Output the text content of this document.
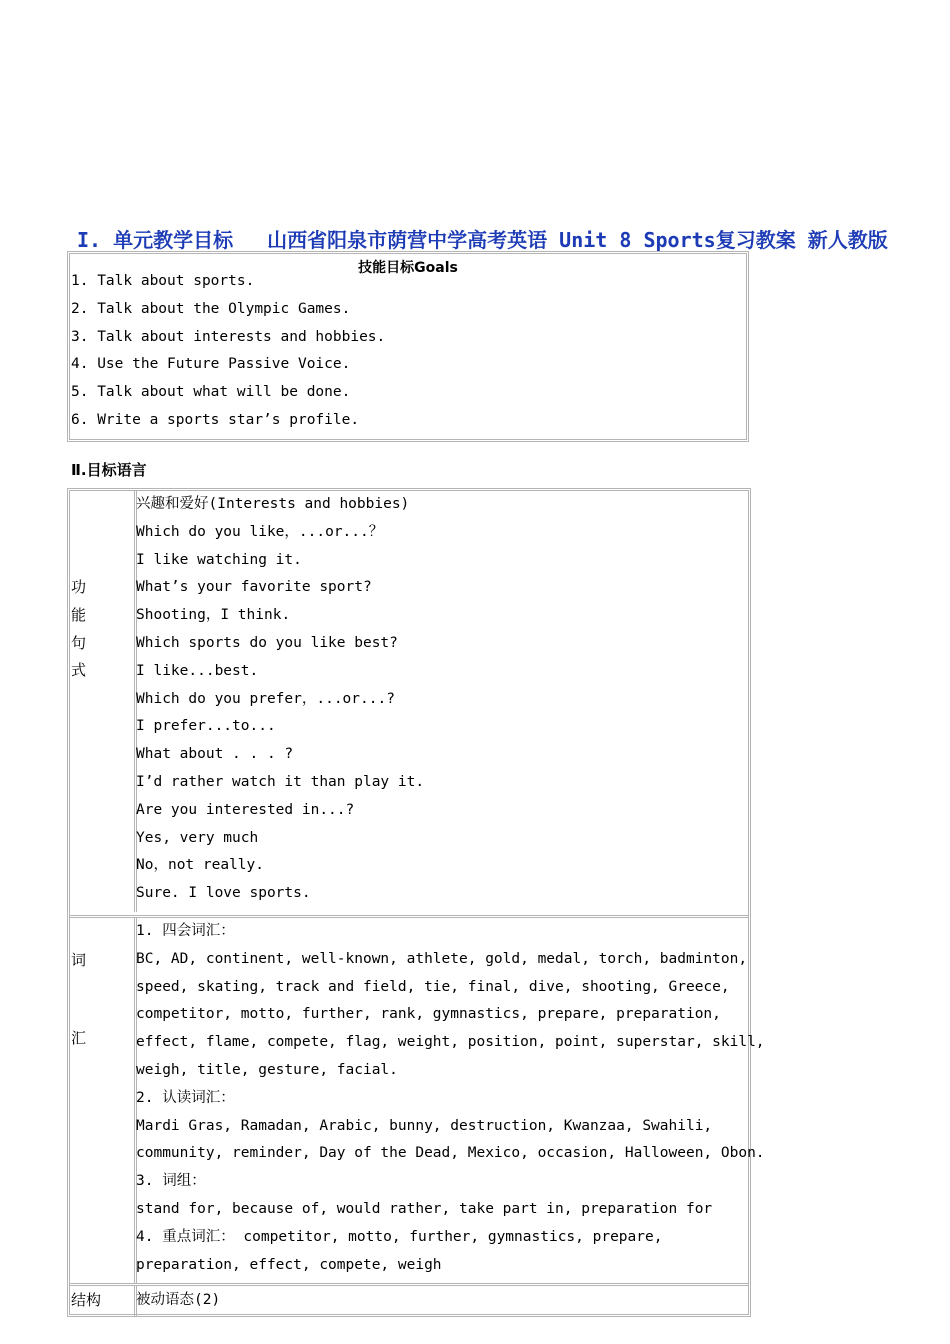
I. 单元教学目标 山西省阳泉市荫营中学高考英语 Unit 8 Sports复习教案 新人教版
技能目标Goals
1. Talk about sports.
2. Talk about the Olympic Games.
3. Talk about interests and hobbies.
4. Use the Future Passive Voice.
5. Talk about what will be done.
6. Write a sports star’s profile.
Ⅱ.目标语言
功
能
句
式
兴趣和爱好(Interests and hobbies)
Which do you like，...or...？
I like watching it.
What’s your favorite sport?
Shooting，I think.
Which sports do you like best?
I like...best.
Which do you prefer，...or...?
I prefer...to...
What about . . . ?
I’d rather watch it than play it.
Are you interested in...?
Yes, very much
No，not really.
Sure. I love sports.
词
汇
1. 四会词汇：
BC, AD, continent, well-known, athlete, gold, medal, torch, badminton,
speed, skating, track and field, tie, final, dive, shooting, Greece,
competitor, motto, further, rank, gymnastics, prepare, preparation,
effect, flame, compete, flag, weight, position, point, superstar, skill,
weigh, title, gesture, facial.
2. 认读词汇：
Mardi Gras, Ramadan, Arabic, bunny, destruction, Kwanzaa, Swahili,
community, reminder, Day of the Dead, Mexico, occasion, Halloween, Obon.
3. 词组：
stand for, because of, would rather, take part in, preparation for
4. 重点词汇： competitor, motto, further, gymnastics, prepare,
preparation, effect, compete, weigh
结构 被动语态(2)
